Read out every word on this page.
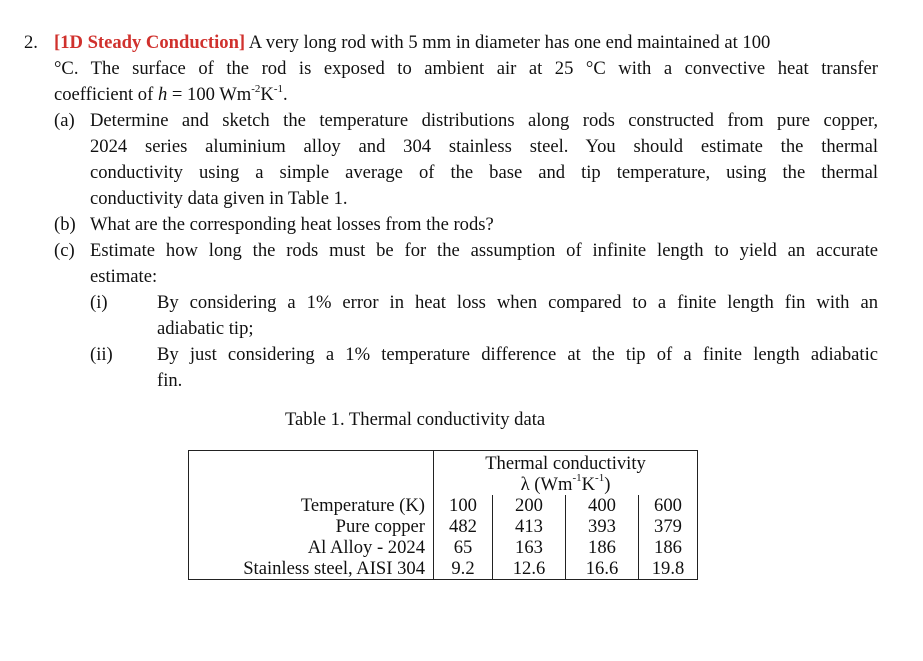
2. [1D Steady Conduction] A very long rod with 5 mm in diameter has one end maintained at 100
°C. The surface of the rod is exposed to ambient air at 25 °C with a convective heat transfer
coefficient of h = 100 $Wm^{-2}K^{-1}$.
(a) Determine and sketch the temperature distributions along rods constructed from pure copper,
2024 series aluminium alloy and 304 stainless steel. You should estimate the thermal
conductivity using a simple average of the base and tip temperature, using the thermal
conductivity data given in Table 1.
(b) What are the corresponding heat losses from the rods?
(c) Estimate how long the rods must be for the assumption of infinite length to yield an accurate
estimate:
(i)	By considering a 1% error in heat loss when compared to a finite length fin with an
adiabatic tip;
(ii) By just considering a 1% temperature difference at the tip of a finite length adiabatic
fin.
Table 1. Thermal conductivity data
	Thermal conductivity			
	λ $(Wm^{-1}K^{-1})$			
Temperature (K)	100	200	400	600
Pure copper	482	413	393	379
Al Alloy - 2024	65	163	186	186
Stainless steel, AISI 304	9.2	12.6	16.6	19.8
